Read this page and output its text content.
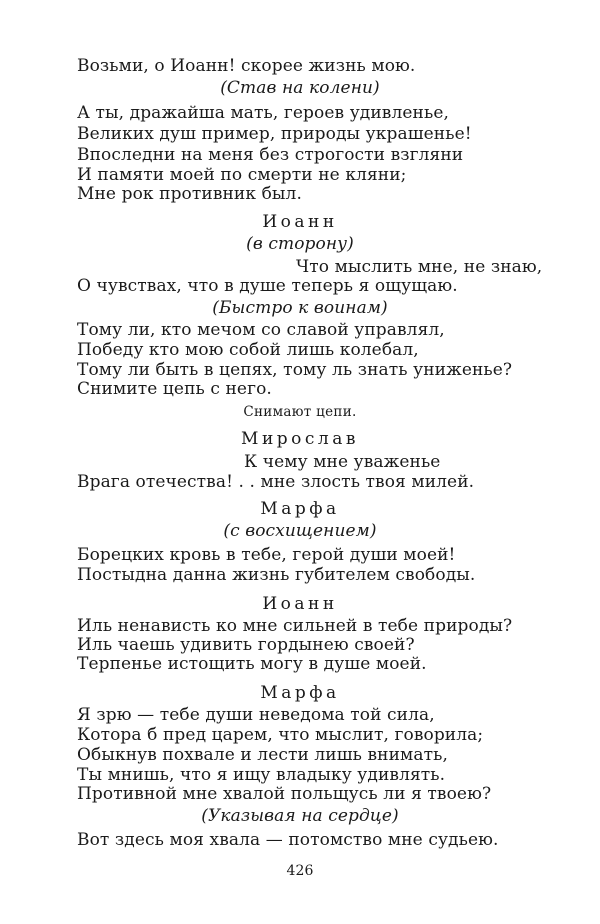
Возьми, о Иоанн! скорее жизнь мою.
(Став на колени)
А ты, дражайша мать, героев удивленье,
Великих душ пример, природы украшенье!
Впоследни на меня без строгости взгляни
И памяти моей по смерти не кляни;
Мне рок противник был.
Иоанн
(в сторону)
Что мыслить мне, не знаю,
О чувствах, что в душе теперь я ощущаю.
(Быстро к воинам)
Тому ли, кто мечом со славой управлял,
Победу кто мою собой лишь колебал,
Тому ли быть в цепях, тому ль знать униженье?
Снимите цепь с него.
Снимают цепи.
Мирослав
К чему мне уваженье
Врага отечества! . . мне злость твоя милей.
Марфа
(с восхищением)
Борецких кровь в тебе, герой души моей!
Постыдна данна жизнь губителем свободы.
Иоанн
Иль ненависть ко мне сильней в тебе природы?
Иль чаешь удивить гордынею своей?
Терпенье истощить могу в душе моей.
Марфа
Я зрю — тебе души неведома той сила,
Котора б пред царем, что мыслит, говорила;
Обыкнув похвале и лести лишь внимать,
Ты мнишь, что я ищу владыку удивлять.
Противной мне хвалой польщусь ли я твоею?
(Указывая на сердце)
Вот здесь моя хвала — потомство мне судьею.
426
